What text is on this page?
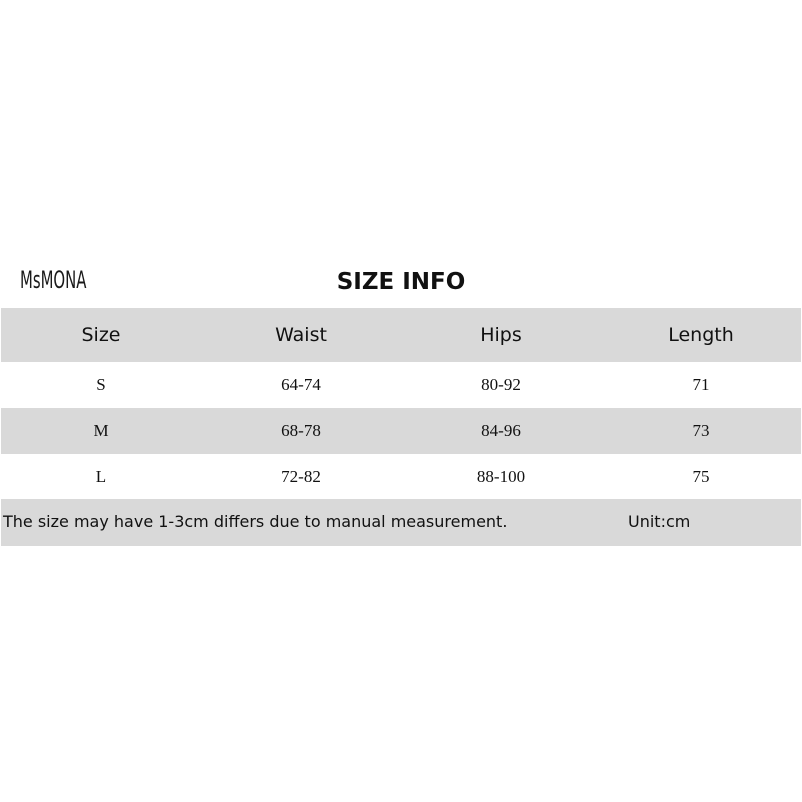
MsMONA	SIZE INFO
Size	Waist	Hips	Length
S	64-74	80-92	71
M	68-78	84-96	73
L	72-82	88-100	75
The size may have 1-3cm differs due to manual measurement.	Unit:cm
